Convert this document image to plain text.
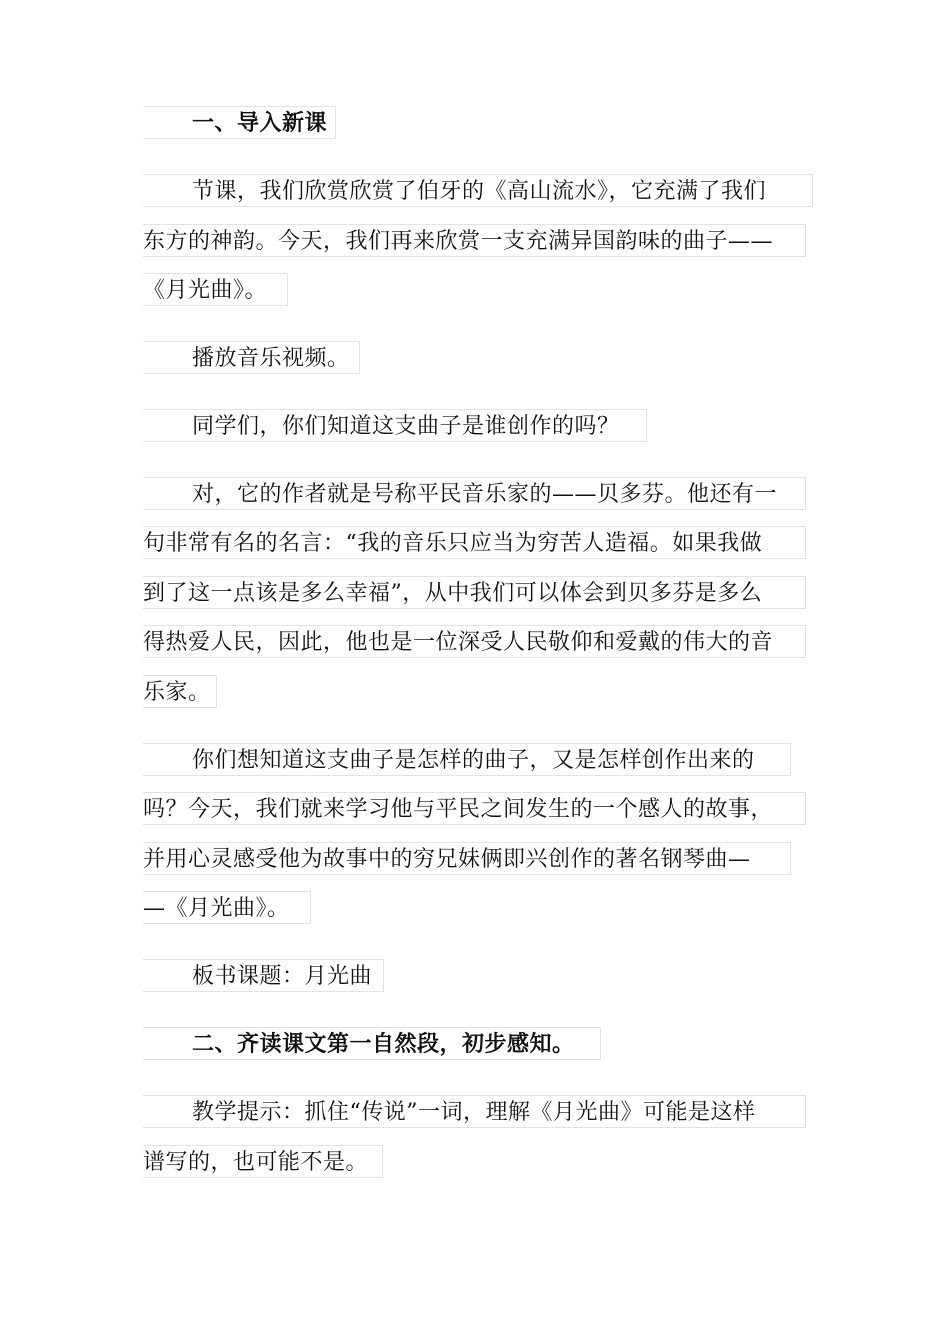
一、导入新课
节课，我们欣赏欣赏了伯牙的《高山流水》，它充满了我们
东方的神韵。今天，我们再来欣赏一支充满异国韵味的曲子——
《月光曲》。
播放音乐视频。
同学们，你们知道这支曲子是谁创作的吗？
对，它的作者就是号称平民音乐家的——贝多芬。他还有一
句非常有名的名言：“我的音乐只应当为穷苦人造福。如果我做
到了这一点该是多么幸福”，从中我们可以体会到贝多芬是多么
得热爱人民，因此，他也是一位深受人民敬仰和爱戴的伟大的音
乐家。
你们想知道这支曲子是怎样的曲子，又是怎样创作出来的
吗？今天，我们就来学习他与平民之间发生的一个感人的故事，
并用心灵感受他为故事中的穷兄妹俩即兴创作的著名钢琴曲—
—《月光曲》。
板书课题：月光曲
二、齐读课文第一自然段，初步感知。
教学提示：抓住“传说”一词，理解《月光曲》可能是这样
谱写的，也可能不是。
